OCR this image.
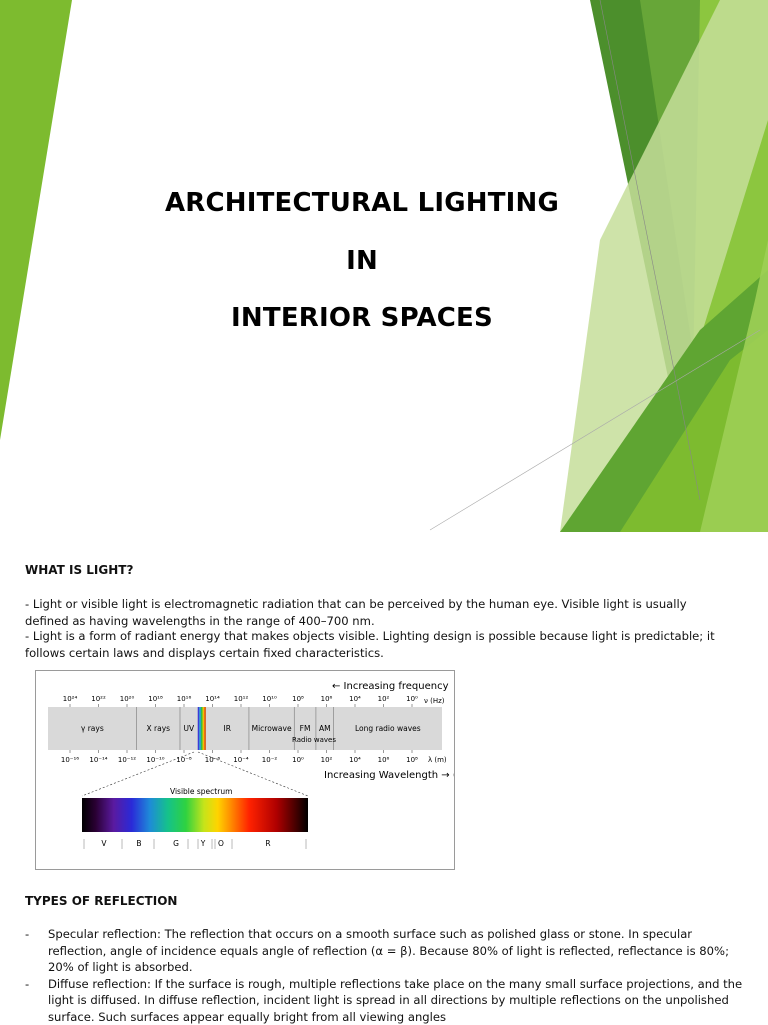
ARCHITECTURAL LIGHTING
IN
INTERIOR SPACES
WHAT IS LIGHT?
- Light or visible light is electromagnetic radiation that can be perceived by the human eye. Visible light is usually defined as having wavelengths in the range of 400–700 nm.
- Light is a form of radiant energy that makes objects visible. Lighting design is possible because light is predictable; it follows certain laws and displays certain fixed characteristics.
← Increasing frequency
10²⁴ 10²² 10²⁰ 10¹⁸ 10¹⁶ 10¹⁴ 10¹² 10¹⁰ 10⁸ 10⁶ 10⁴ 10² 10⁰ ν (Hz)
γ rays	X rays UV	IR	Microwave FM AM	Long radio waves
Radio waves
10⁻¹⁶ 10⁻¹⁴ 10⁻¹² 10⁻¹⁰ 10⁻⁸ 10⁻⁶ 10⁻⁴ 10⁻² 10⁰ 10² 10⁴ 10⁶ 10⁸ λ (m)
Increasing Wavelength → (λ
Visible spectrum
V	B	G	Y O	R
TYPES OF REFLECTION
- Specular reflection: The reflection that occurs on a smooth surface such as polished glass or stone. In specular reflection, angle of incidence equals angle of reflection (α = β). Because 80% of light is reflected, reflectance is 80%; 20% of light is absorbed.
- Diffuse reflection: If the surface is rough, multiple reflections take place on the many small surface projections, and the light is diffused. In diffuse reflection, incident light is spread in all directions by multiple reflections on the unpolished surface. Such surfaces appear equally bright from all viewing angles
